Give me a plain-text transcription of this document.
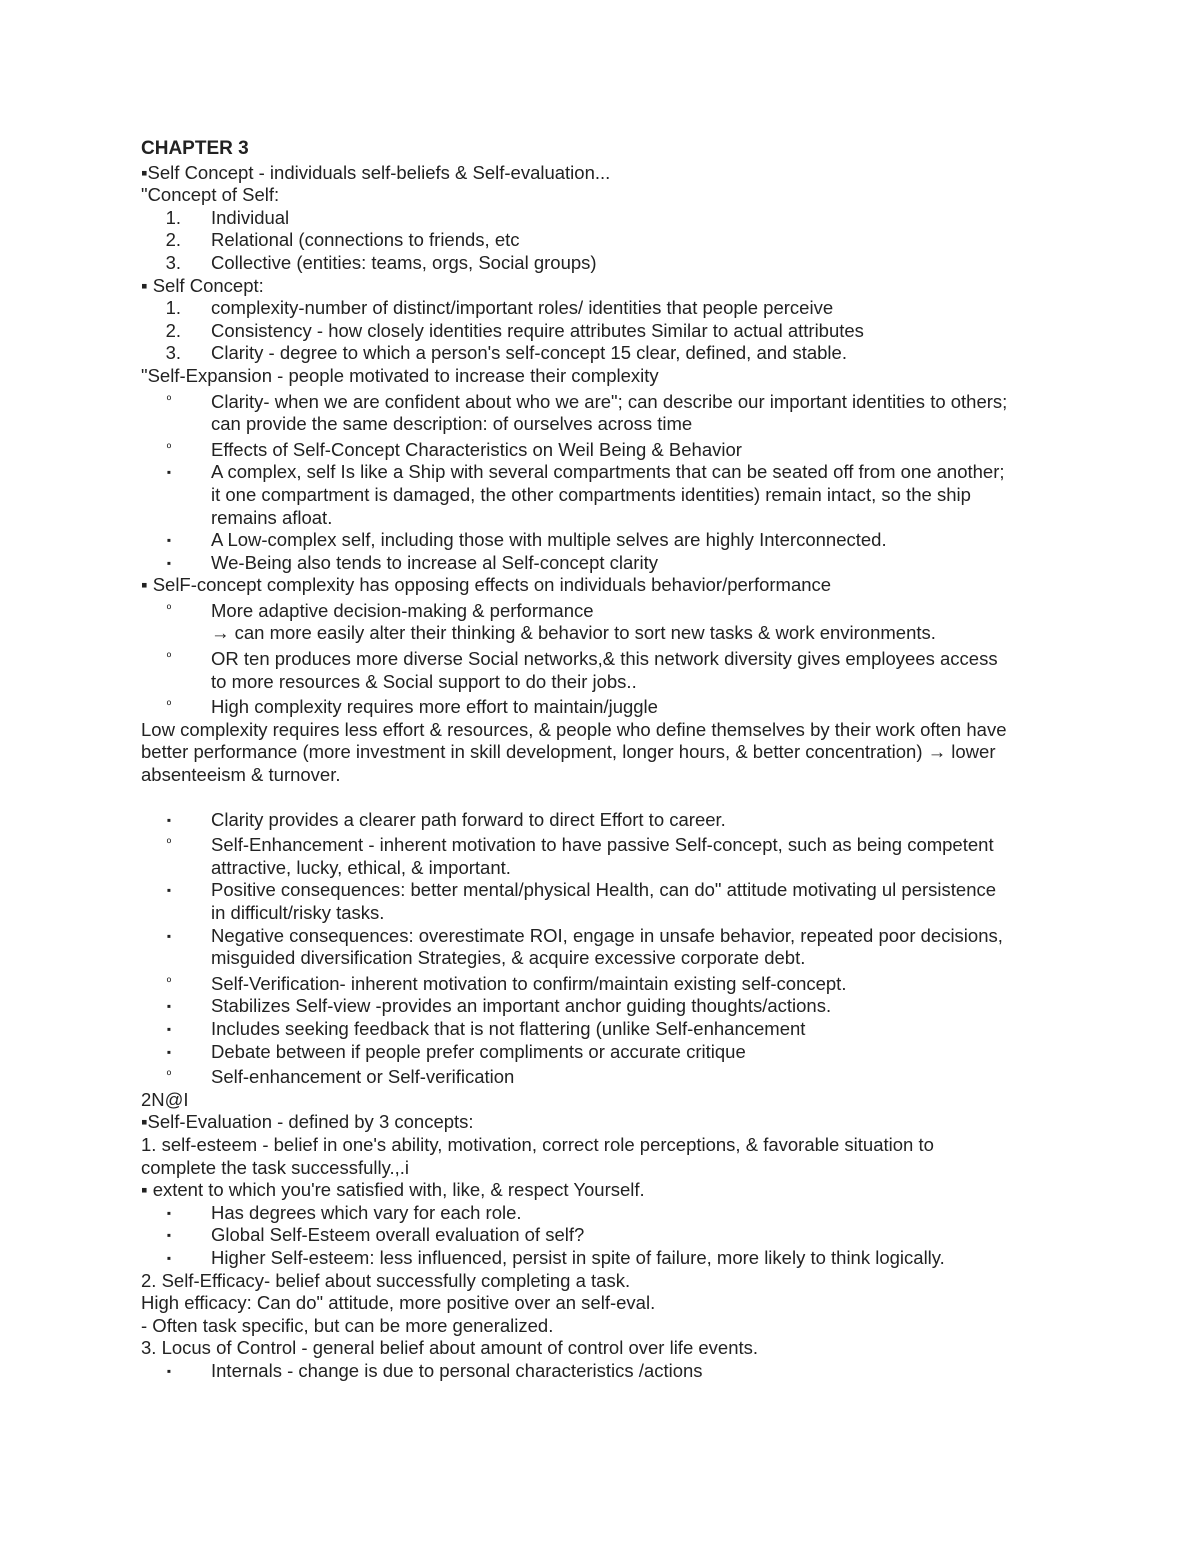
CHAPTER 3
▪Self Concept - individuals self-beliefs & Self-evaluation...
"Concept of Self:
1. Individual
2. Relational (connections to friends, etc
3. Collective (entities: teams, orgs, Social groups)
▪ Self Concept:
1. complexity-number of distinct/important roles/ identities that people perceive
2. Consistency - how closely identities require attributes Similar to actual attributes
3. Clarity - degree to which a person's self-concept 15 clear, defined, and stable.
"Self-Expansion - people motivated to increase their complexity
º	Clarity- when we are confident about who we are"; can describe our important identities to others;
can provide the same description: of ourselves across time
º	Effects of Self-Concept Characteristics on Weil Being & Behavior
▪	A complex, self Is like a Ship with several compartments that can be seated off from one another;
it one compartment is damaged, the other compartments identities) remain intact, so the ship
remains afloat.
▪	A Low-complex self, including those with multiple selves are highly Interconnected.
▪	We-Being also tends to increase al Self-concept clarity
▪ SelF-concept complexity has opposing effects on individuals behavior/performance
º	More adaptive decision-making & performance
→ can more easily alter their thinking & behavior to sort new tasks & work environments.
º	OR ten produces more diverse Social networks,& this network diversity gives employees access
to more resources & Social support to do their jobs..
º	High complexity requires more effort to maintain/juggle
Low complexity requires less effort & resources, & people who define themselves by their work often have
better performance (more investment in skill development, longer hours, & better concentration) → lower
absenteeism & turnover.
▪	Clarity provides a clearer path forward to direct Effort to career.
º	Self-Enhancement - inherent motivation to have passive Self-concept, such as being competent
attractive, lucky, ethical, & important.
▪	Positive consequences: better mental/physical Health, can do" attitude motivating ul persistence
in difficult/risky tasks.
▪	Negative consequences: overestimate ROI, engage in unsafe behavior, repeated poor decisions,
misguided diversification Strategies, & acquire excessive corporate debt.
º	Self-Verification- inherent motivation to confirm/maintain existing self-concept.
▪	Stabilizes Self-view -provides an important anchor guiding thoughts/actions.
▪	Includes seeking feedback that is not flattering (unlike Self-enhancement
▪	Debate between if people prefer compliments or accurate critique
º	Self-enhancement or Self-verification
2N@I
▪Self-Evaluation - defined by 3 concepts:
1. self-esteem - belief in one's ability, motivation, correct role perceptions, & favorable situation to
complete the task successfully.,.i
▪ extent to which you're satisfied with, like, & respect Yourself.
▪	Has degrees which vary for each role.
▪	Global Self-Esteem overall evaluation of self?
▪	Higher Self-esteem: less influenced, persist in spite of failure, more likely to think logically.
2. Self-Efficacy- belief about successfully completing a task.
High efficacy: Can do" attitude, more positive over an self-eval.
- Often task specific, but can be more generalized.
3. Locus of Control - general belief about amount of control over life events.
▪	Internals - change is due to personal characteristics /actions
